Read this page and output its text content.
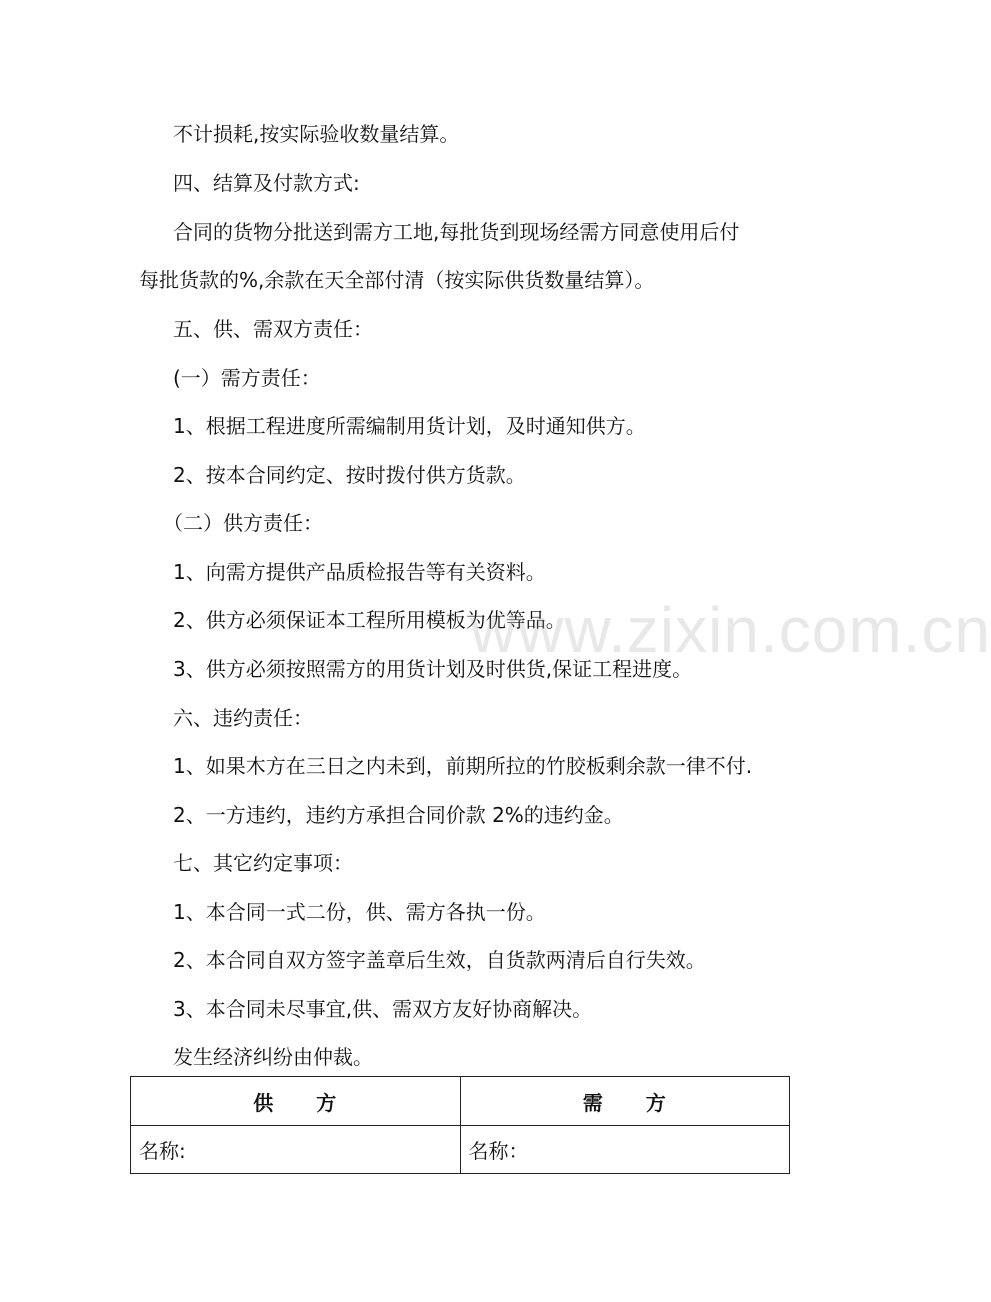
不计损耗,按实际验收数量结算。
四、结算及付款方式:
合同的货物分批送到需方工地,每批货到现场经需方同意使用后付
每批货款的%,余款在天全部付清（按实际供货数量结算）。
五、供、需双方责任：
(一）需方责任：
1、根据工程进度所需编制用货计划，及时通知供方。
2、按本合同约定、按时拨付供方货款。
（二）供方责任：
1、向需方提供产品质检报告等有关资料。
2、供方必须保证本工程所用模板为优等品。
3、供方必须按照需方的用货计划及时供货,保证工程进度。
六、违约责任：
1、如果木方在三日之内未到，前期所拉的竹胶板剩余款一律不付.
2、一方违约，违约方承担合同价款 2%的违约金。
七、其它约定事项：
1、本合同一式二份，供、需方各执一份。
2、本合同自双方签字盖章后生效，自货款两清后自行失效。
3、本合同未尽事宜,供、需双方友好协商解决。
发生经济纠纷由仲裁。
www.zixin.com.cn
供　　方	需　　方
名称:	名称：
